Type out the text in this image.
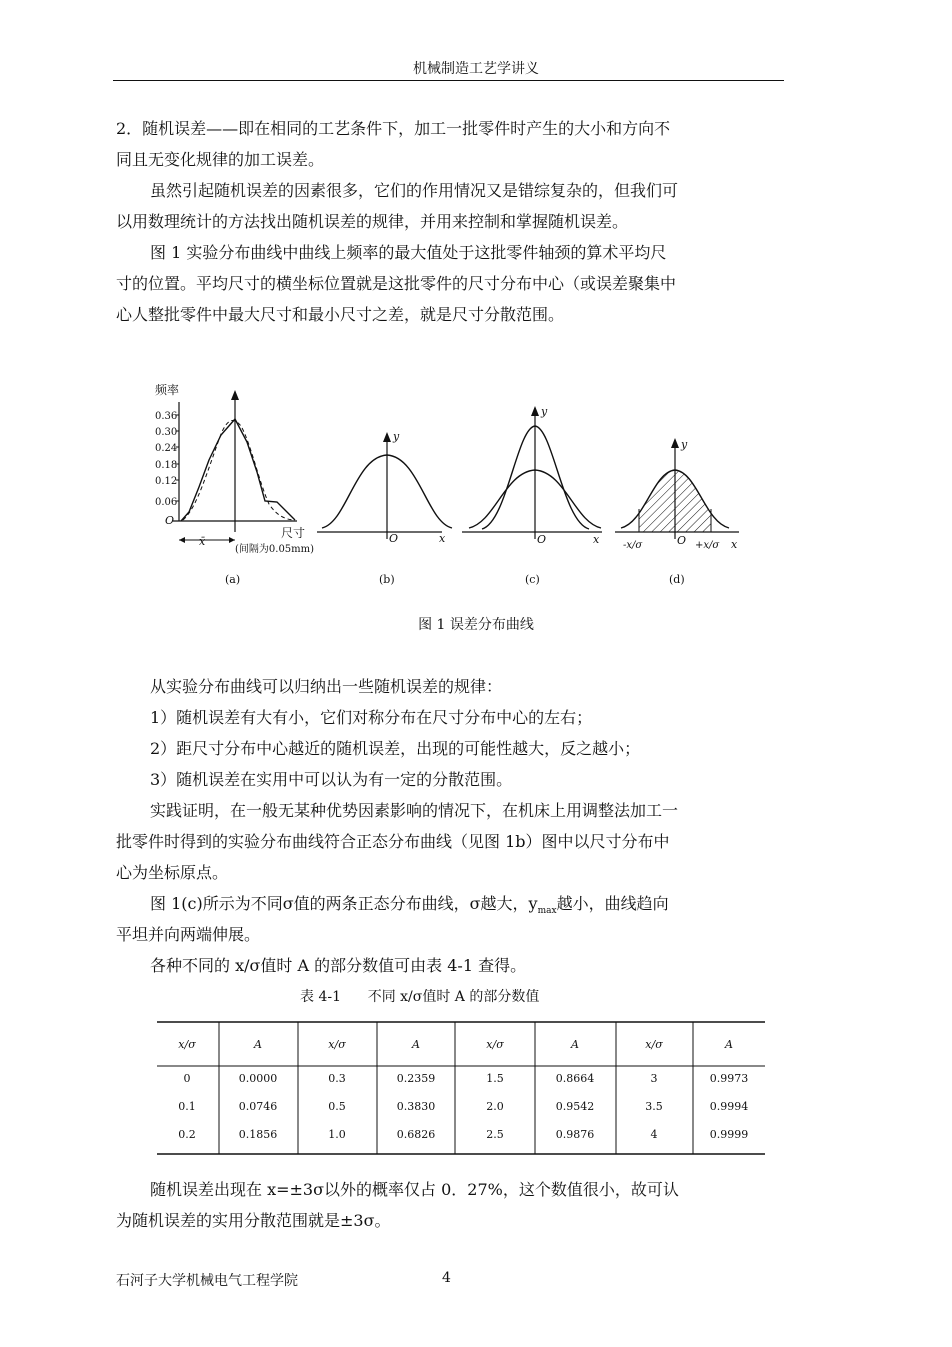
机械制造工艺学讲义
2．随机误差——即在相同的工艺条件下，加工一批零件时产生的大小和方向不
同且无变化规律的加工误差。
虽然引起随机误差的因素很多，它们的作用情况又是错综复杂的，但我们可
以用数理统计的方法找出随机误差的规律，并用来控制和掌握随机误差。
图 1 实验分布曲线中曲线上频率的最大值处于这批零件轴颈的算术平均尺
寸的位置。平均尺寸的横坐标位置就是这批零件的尺寸分布中心（或误差聚集中
心人整批零件中最大尺寸和最小尺寸之差，就是尺寸分散范围。
频率
0.36
0.30
0.24
0.18
0.12
0.06
O
x̄
尺寸
(间隔为0.05mm)
(a)
y
O	x
(b)
y
O	x
(c)
y
-x/σ	O +x/σ x
(d)
图 1 误差分布曲线
从实验分布曲线可以归纳出一些随机误差的规律：
1）随机误差有大有小，它们对称分布在尺寸分布中心的左右；
2）距尺寸分布中心越近的随机误差，出现的可能性越大，反之越小；
3）随机误差在实用中可以认为有一定的分散范围。
实践证明，在一般无某种优势因素影响的情况下，在机床上用调整法加工一
批零件时得到的实验分布曲线符合正态分布曲线（见图 1b）图中以尺寸分布中
心为坐标原点。
图 1(c)所示为不同σ值的两条正态分布曲线，σ越大，$y_{max}$越小，曲线趋向
平坦并向两端伸展。
各种不同的 x/σ值时 A 的部分数值可由表 4-1 查得。
表 4-1      不同 x/σ值时 A 的部分数值
x/σ	A	x/σ	A	x/σ	A	x/σ	A
0	0.0000	0.3	0.2359	1.5	0.8664	3	0.9973
0.1	0.0746	0.5	0.3830	2.0	0.9542	3.5	0.9994
0.2	0.1856	1.0	0.6826	2.5	0.9876	4	0.9999
随机误差出现在 x=±3σ以外的概率仅占 0．27%，这个数值很小，故可认
为随机误差的实用分散范围就是±3σ。
石河子大学机械电气工程学院	4
